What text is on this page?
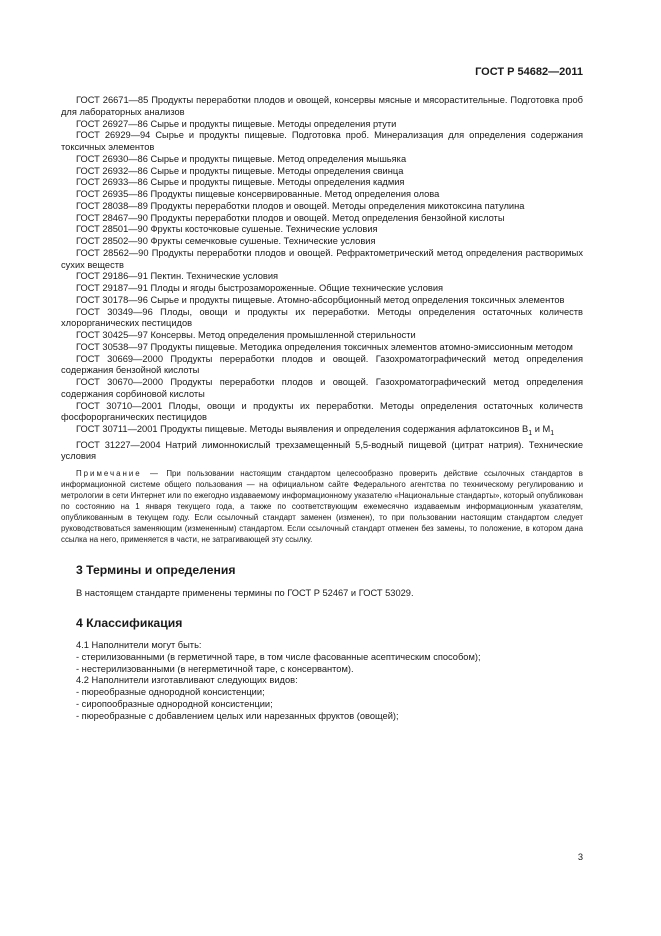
ГОСТ Р 54682—2011

ГОСТ 26671—85 Продукты переработки плодов и овощей, консервы мясные и мясорастительные. Подготовка проб для лабораторных анализов

ГОСТ 26927—86 Сырье и продукты пищевые. Методы определения ртути

ГОСТ 26929—94 Сырье и продукты пищевые. Подготовка проб. Минерализация для определения содержания токсичных элементов

ГОСТ 26930—86 Сырье и продукты пищевые. Метод определения мышьяка

ГОСТ 26932—86 Сырье и продукты пищевые. Методы определения свинца

ГОСТ 26933—86 Сырье и продукты пищевые. Методы определения кадмия

ГОСТ 26935—86 Продукты пищевые консервированные. Метод определения олова

ГОСТ 28038—89 Продукты переработки плодов и овощей. Методы определения микотоксина патулина

ГОСТ 28467—90 Продукты переработки плодов и овощей. Метод определения бензойной кислоты

ГОСТ 28501—90 Фрукты косточковые сушеные. Технические условия

ГОСТ 28502—90 Фрукты семечковые сушеные. Технические условия

ГОСТ 28562—90 Продукты переработки плодов и овощей. Рефрактометрический метод определения растворимых сухих веществ

ГОСТ 29186—91 Пектин. Технические условия

ГОСТ 29187—91 Плоды и ягоды быстрозамороженные. Общие технические условия

ГОСТ 30178—96 Сырье и продукты пищевые. Атомно-абсорбционный метод определения токсичных элементов

ГОСТ 30349—96 Плоды, овощи и продукты их переработки. Методы определения остаточных количеств хлорорганических пестицидов

ГОСТ 30425—97 Консервы. Метод определения промышленной стерильности

ГОСТ 30538—97 Продукты пищевые. Методика определения токсичных элементов атомно-эмиссионным методом

ГОСТ 30669—2000 Продукты переработки плодов и овощей. Газохроматографический метод определения содержания бензойной кислоты

ГОСТ 30670—2000 Продукты переработки плодов и овощей. Газохроматографический метод определения содержания сорбиновой кислоты

ГОСТ 30710—2001 Плоды, овощи и продукты их переработки. Методы определения остаточных количеств фосфорорганических пестицидов

ГОСТ 30711—2001 Продукты пищевые. Методы выявления и определения содержания афлатоксинов $B_1$ и $M_1$

ГОСТ 31227—2004 Натрий лимоннокислый трехзамещенный 5,5-водный пищевой (цитрат натрия). Технические условия

Примечание — При пользовании настоящим стандартом целесообразно проверить действие ссылочных стандартов в информационной системе общего пользования — на официальном сайте Федерального агентства по техническому регулированию и метрологии в сети Интернет или по ежегодно издаваемому информационному указателю «Национальные стандарты», который опубликован по состоянию на 1 января текущего года, а также по соответствующим ежемесячно издаваемым информационным указателям, опубликованным в текущем году. Если ссылочный стандарт заменен (изменен), то при пользовании настоящим стандартом следует руководствоваться заменяющим (измененным) стандартом. Если ссылочный стандарт отменен без замены, то положение, в котором дана ссылка на него, применяется в части, не затрагивающей эту ссылку.

3 Термины и определения

В настоящем стандарте применены термины по ГОСТ Р 52467 и ГОСТ 53029.

4 Классификация

4.1 Наполнители могут быть:

- стерилизованными (в герметичной таре, в том числе фасованные асептическим способом);

- нестерилизованными (в негерметичной таре, с консервантом).

4.2 Наполнители изготавливают следующих видов:

- пюреобразные однородной консистенции;

- сиропообразные однородной консистенции;

- пюреобразные с добавлением целых или нарезанных фруктов (овощей);

3
